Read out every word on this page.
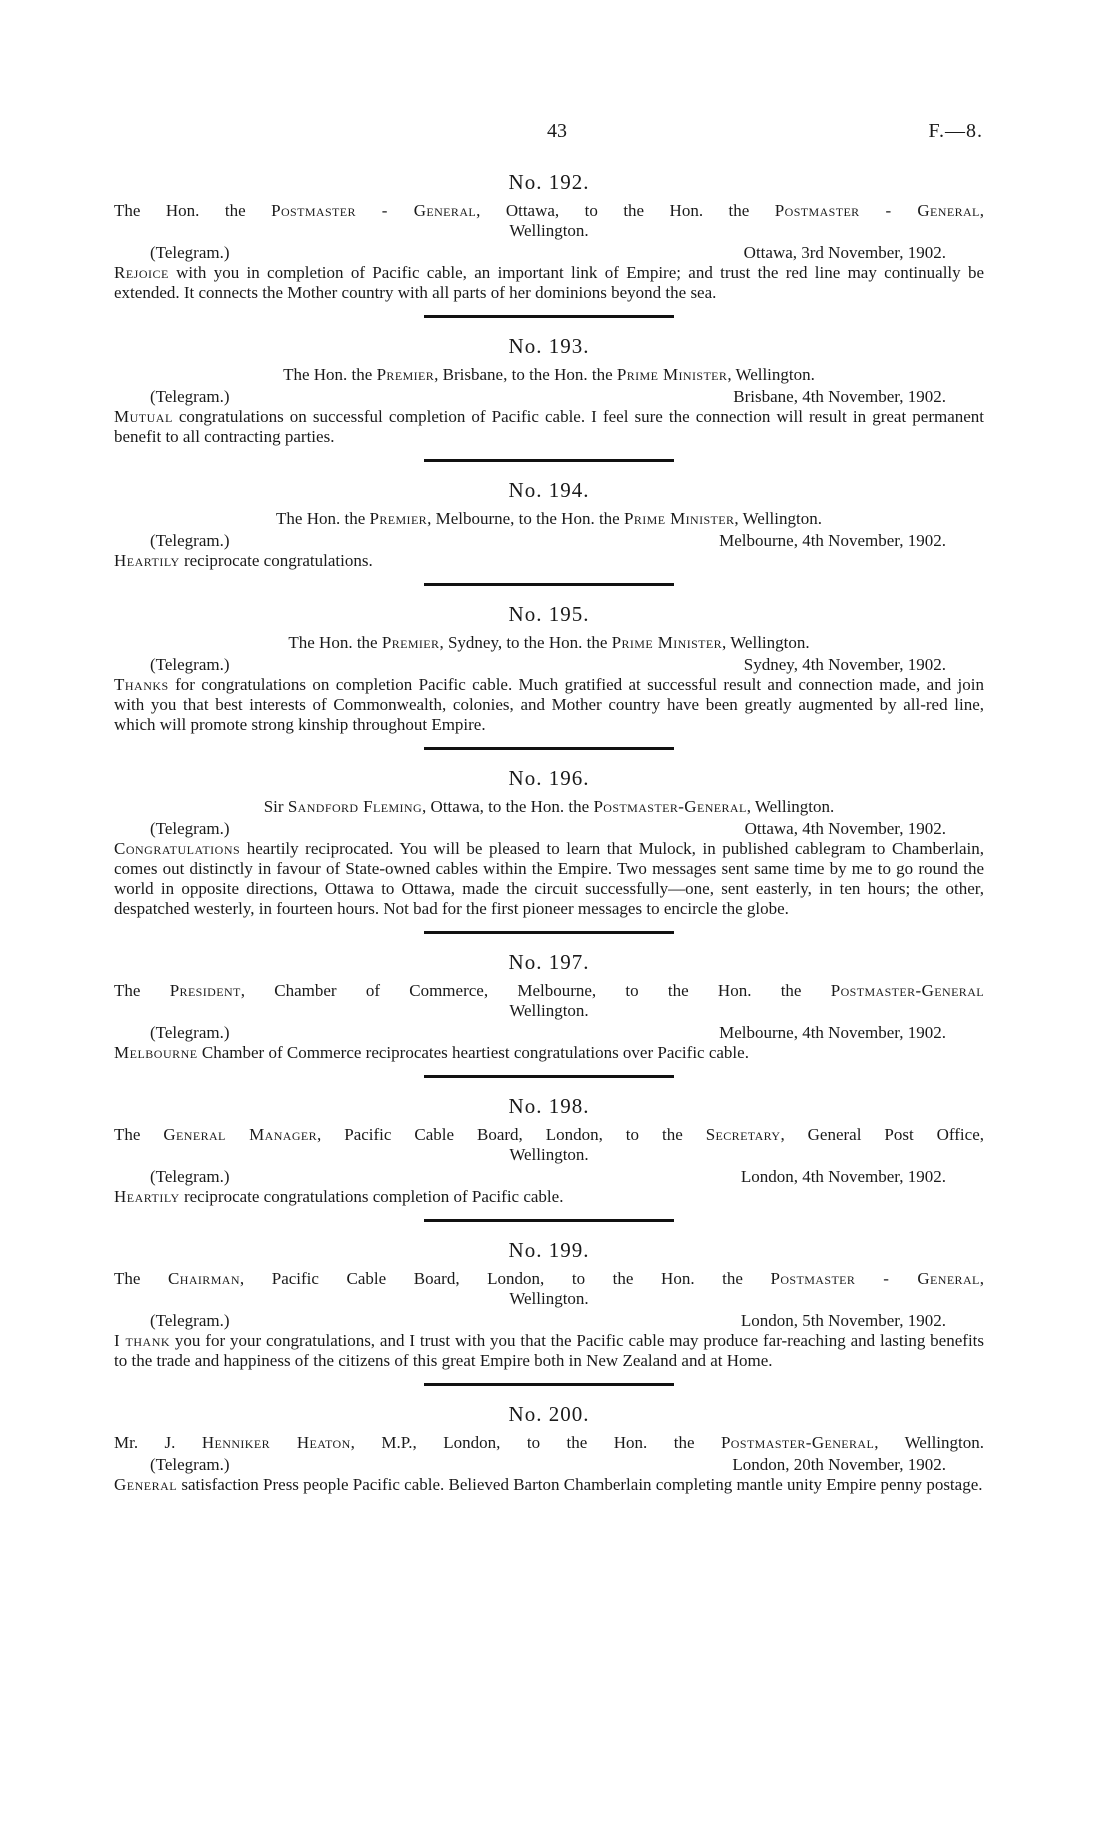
43	F.—8.
No. 192.
The Hon. the Postmaster - General, Ottawa, to the Hon. the Postmaster - General,
Wellington.
(Telegram.)	Ottawa, 3rd November, 1902.
Rejoice with you in completion of Pacific cable, an important link of Empire; and trust the red line may continually be extended. It connects the Mother country with all parts of her dominions beyond the sea.
No. 193.
The Hon. the Premier, Brisbane, to the Hon. the Prime Minister, Wellington.
(Telegram.)	Brisbane, 4th November, 1902.
Mutual congratulations on successful completion of Pacific cable. I feel sure the connection will result in great permanent benefit to all contracting parties.
No. 194.
The Hon. the Premier, Melbourne, to the Hon. the Prime Minister, Wellington.
(Telegram.)	Melbourne, 4th November, 1902.
Heartily reciprocate congratulations.
No. 195.
The Hon. the Premier, Sydney, to the Hon. the Prime Minister, Wellington.
(Telegram.)	Sydney, 4th November, 1902.
Thanks for congratulations on completion Pacific cable. Much gratified at successful result and connection made, and join with you that best interests of Commonwealth, colonies, and Mother country have been greatly augmented by all-red line, which will promote strong kinship throughout Empire.
No. 196.
Sir Sandford Fleming, Ottawa, to the Hon. the Postmaster-General, Wellington.
(Telegram.)	Ottawa, 4th November, 1902.
Congratulations heartily reciprocated. You will be pleased to learn that Mulock, in published cablegram to Chamberlain, comes out distinctly in favour of State-owned cables within the Empire. Two messages sent same time by me to go round the world in opposite directions, Ottawa to Ottawa, made the circuit successfully—one, sent easterly, in ten hours; the other, despatched westerly, in fourteen hours. Not bad for the first pioneer messages to encircle the globe.
No. 197.
The President, Chamber of Commerce, Melbourne, to the Hon. the Postmaster-General
Wellington.
(Telegram.)	Melbourne, 4th November, 1902.
Melbourne Chamber of Commerce reciprocates heartiest congratulations over Pacific cable.
No. 198.
The General Manager, Pacific Cable Board, London, to the Secretary, General Post Office,
Wellington.
(Telegram.)	London, 4th November, 1902.
Heartily reciprocate congratulations completion of Pacific cable.
No. 199.
The Chairman, Pacific Cable Board, London, to the Hon. the Postmaster - General,
Wellington.
(Telegram.)	London, 5th November, 1902.
I thank you for your congratulations, and I trust with you that the Pacific cable may produce far-reaching and lasting benefits to the trade and happiness of the citizens of this great Empire both in New Zealand and at Home.
No. 200.
Mr. J. Henniker Heaton, M.P., London, to the Hon. the Postmaster-General, Wellington.
(Telegram.)	London, 20th November, 1902.
General satisfaction Press people Pacific cable. Believed Barton Chamberlain completing mantle unity Empire penny postage.
